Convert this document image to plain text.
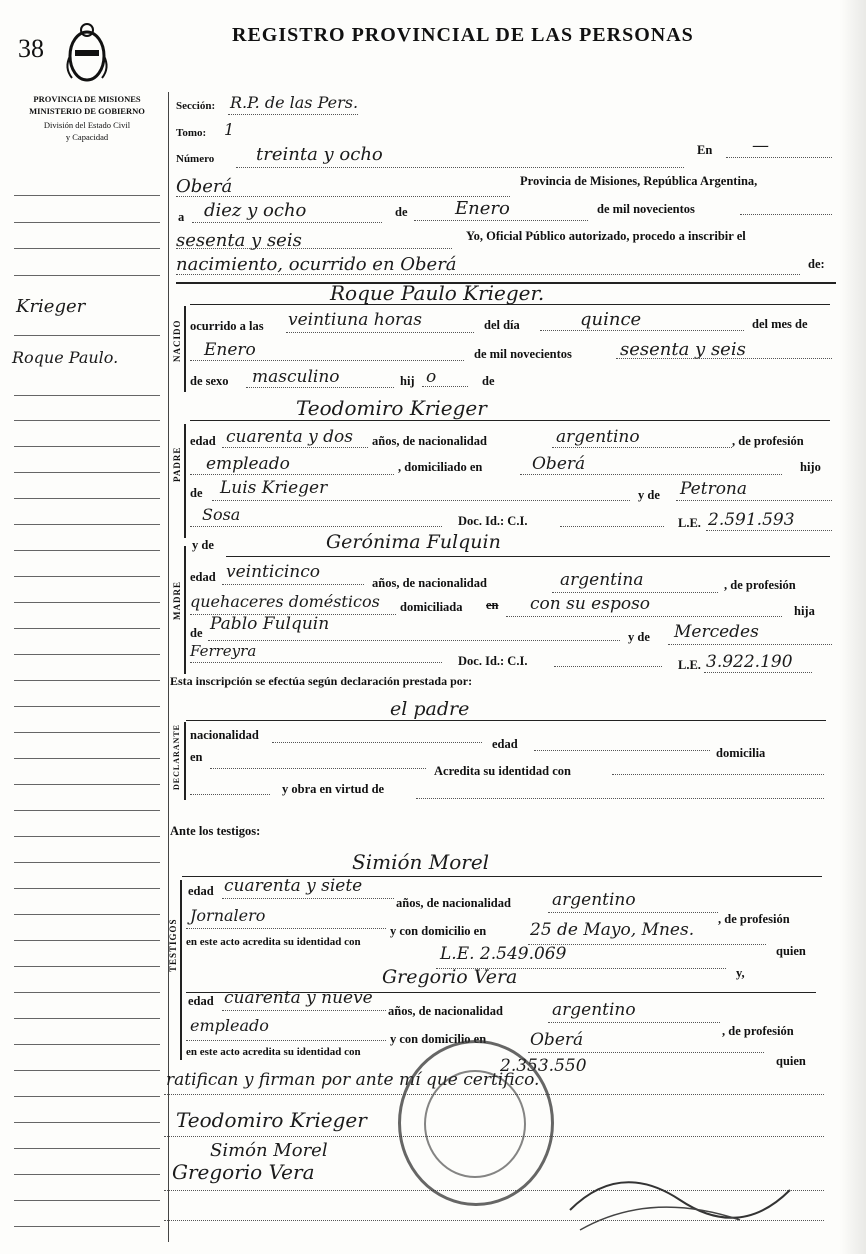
38	REGISTRO PROVINCIAL DE LAS PERSONAS
PROVINCIA DE MISIONES
MINISTERIO DE GOBIERNO
División del Estado Civil
y Capacidad
Krieger
Roque Paulo.
Sección: R.P. de las Pers.
Tomo: 1
Número treinta y ocho	En —
Oberá	Provincia de Misiones, República Argentina,
a diez y ocho	de	Enero	de mil novecientos
sesenta y seis	Yo, Oficial Público autorizado, procedo a inscribir el
nacimiento, ocurrido en Oberá	de:
NACIDO
Roque Paulo Krieger.
ocurrido a las veintiuna horas	del día	quince	del mes de
Enero	de mil novecientos	sesenta y seis
de sexo masculino	hij o	de
Teodomiro Krieger
PADRE
edad cuarenta y dos años, de nacionalidad	argentino	, de profesión
empleado	, domiciliado en	Oberá	hijo
de Luis Krieger	y de Petrona
Sosa	Doc. Id.: C.I.	L.E. 2.591.593
MADRE
y de	Gerónima Fulquin
edad veinticinco
años, de nacionalidad	argentina	, de profesión
quehaceres domésticos domiciliada en con su esposo	hija
de Pablo Fulquin
y de Mercedes
Ferreyra
Doc. Id.: C.I.	L.E. 3.922.190
Esta inscripción se efectúa según declaración prestada por:
el padre
DECLARANTE nacionalidad
edad
domicilia
en
Acredita su identidad con
y obra en virtud de
Ante los testigos:
Simión Morel
TESTIGOS
edad cuarenta y siete
años, de nacionalidad argentino
, de profesión
Jornalero
y con domicilio en	25 de Mayo, Mnes.
quien
en este acto acredita su identidad con
L.E. 2.549.069
y,
Gregorio Vera
edad cuarenta y nueve
años, de nacionalidad	argentino
, de profesión
empleado
y con domicilio en	Oberá
quien
en este acto acredita su identidad con
2.353.550
ratifican y firman por ante mí que certifico.
Teodomiro Krieger
Simón Morel
Gregorio Vera
